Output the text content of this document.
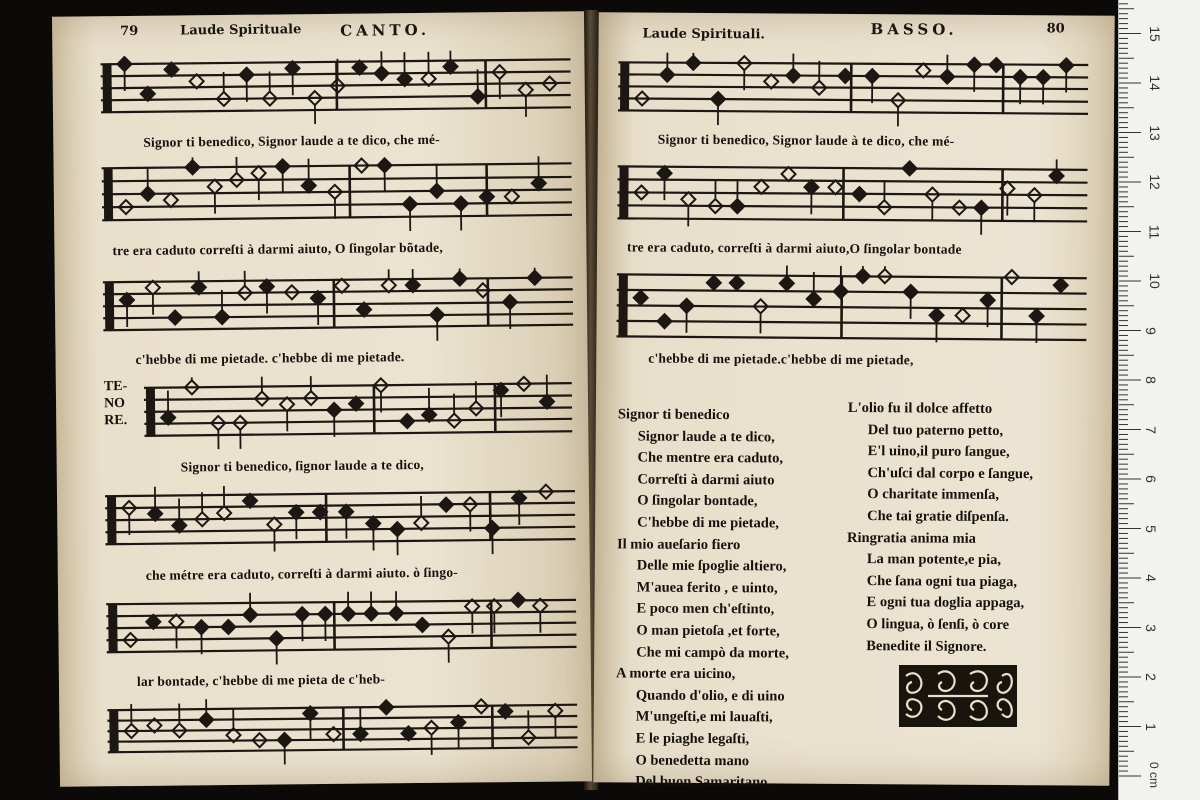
79	Laude Spirituale	CANTO.
Signor ti benedico, Signor laude a te dico, che mé-
tre era caduto correſti à darmi aiuto, O ſingolar bõtade,
c'hebbe di me pietade. c'hebbe di me pietade.
TE-
NO
RE.
Signor ti benedico, ſignor laude a te dico,
che métre era caduto, correſti à darmi aiuto. ò ſingo-
lar bontade, c'hebbe di me pieta de c'heb-
Laude Spirituali.	BASSO.	80
Signor ti benedico, Signor laude à te dico, che mé-
tre era caduto, correſti à darmi aiuto,O ſingolar bontade
c'hebbe di me pietade.c'hebbe di me pietade,
Signor ti benedico
Signor laude a te dico,
Che mentre era caduto,
Correſti à darmi aiuto
O ſingolar bontade,
C'hebbe di me pietade,
Il mio aueſario fiero
Delle mie ſpoglie altiero,
M'auea ferito , e uinto,
E poco men ch'eſtinto,
O man pietoſa ,et forte,
Che mi campò da morte,
A morte era uicino,
Quando d'olio, e di uino
M'ungeſti,e mi lauaſti,
E le piaghe legaſti,
O benedetta mano
Del buon Samaritano.
L'olio fu il dolce affetto
Del tuo paterno petto,
E'l uino,il puro ſangue,
Ch'uſci dal corpo e ſangue,
O charitate immenſa,
Che tai gratie diſpenſa.
Ringratia anima mia
La man potente,e pia,
Che ſana ogni tua piaga,
E ogni tua doglia appaga,
O lingua, ò ſenſi, ò core
Benedite il Signore.
0 cm
15
14
13
12
11
10
9
8
7
6
5
4
3
2
1
